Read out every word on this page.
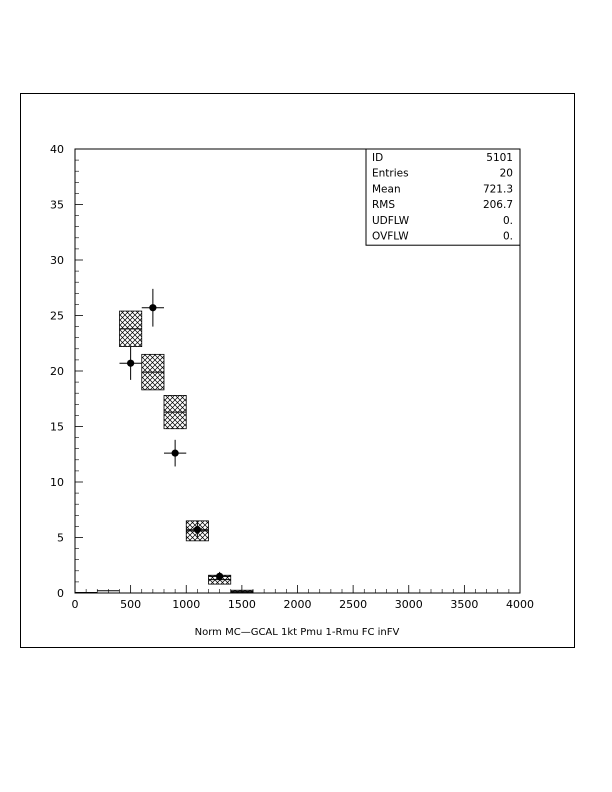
0	500	1000	1500	2000	2500	3000	3500	4000
0
5
10
15
20
25
30
35
40
ID	5101
Entries	20
Mean	721.3
RMS	206.7
UDFLW	0.
OVFLW	0.
Norm MC—GCAL 1kt Pmu 1-Rmu FC inFV
